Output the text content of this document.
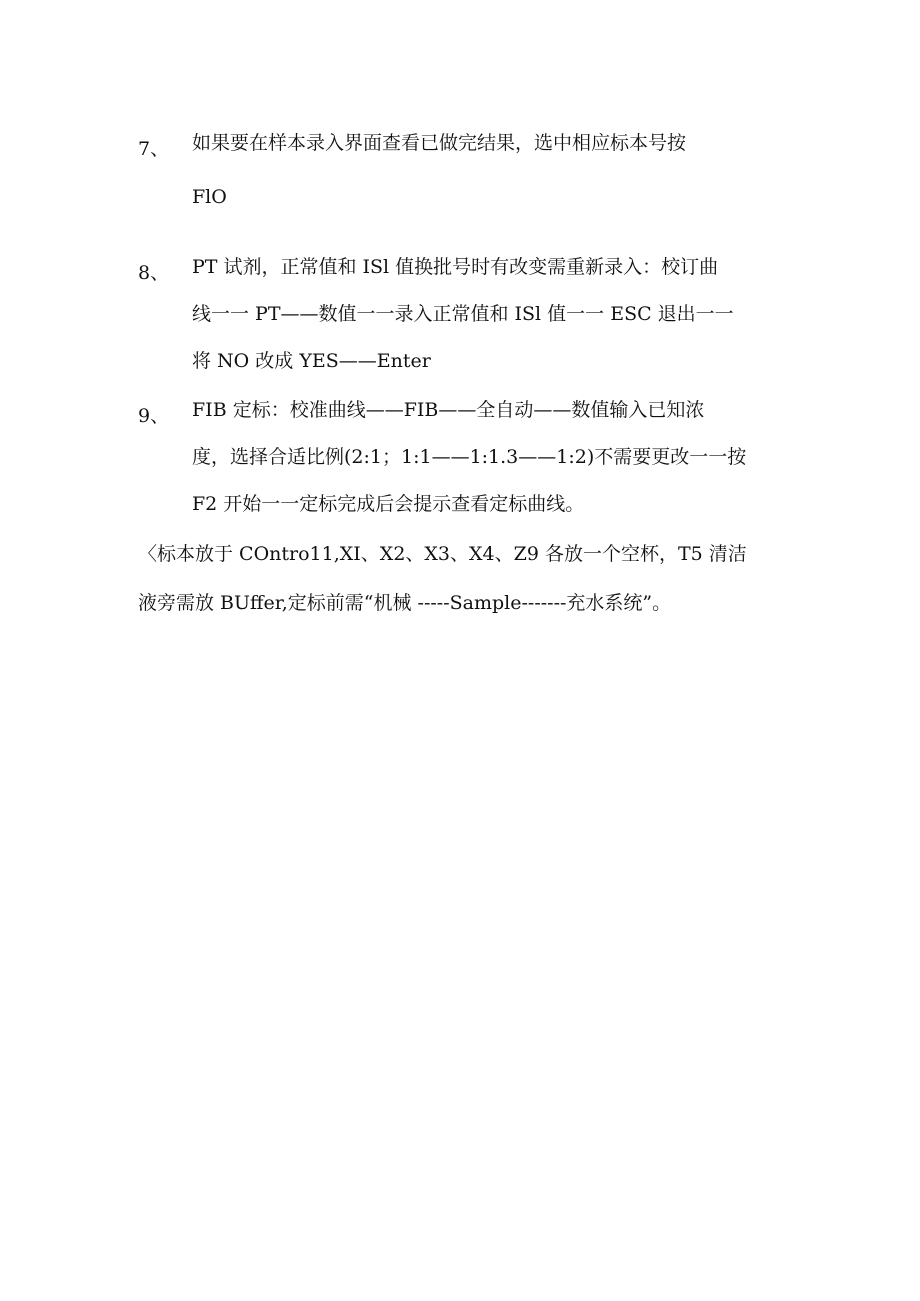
7、	如果要在样本录入界面查看已做完结果，选中相应标本号按
FlO
8、	PT 试剂，正常值和 ISl 值换批号时有改变需重新录入：校订曲
线一一 PT——数值一一录入正常值和 ISl 值一一 ESC 退出一一
将 NO 改成 YES——Enter
9、	FIB 定标：校准曲线——FIB——全自动——数值输入已知浓
度，选择合适比例(2:1；1:1——1:1.3——1:2)不需要更改一一按
F2 开始一一定标完成后会提示查看定标曲线。
〈标本放于 COntro11,XI、X2、X3、X4、Z9 各放一个空杯，T5 清洁
液旁需放 BUffer,定标前需“机械 -----Sample-------充水系统”。
